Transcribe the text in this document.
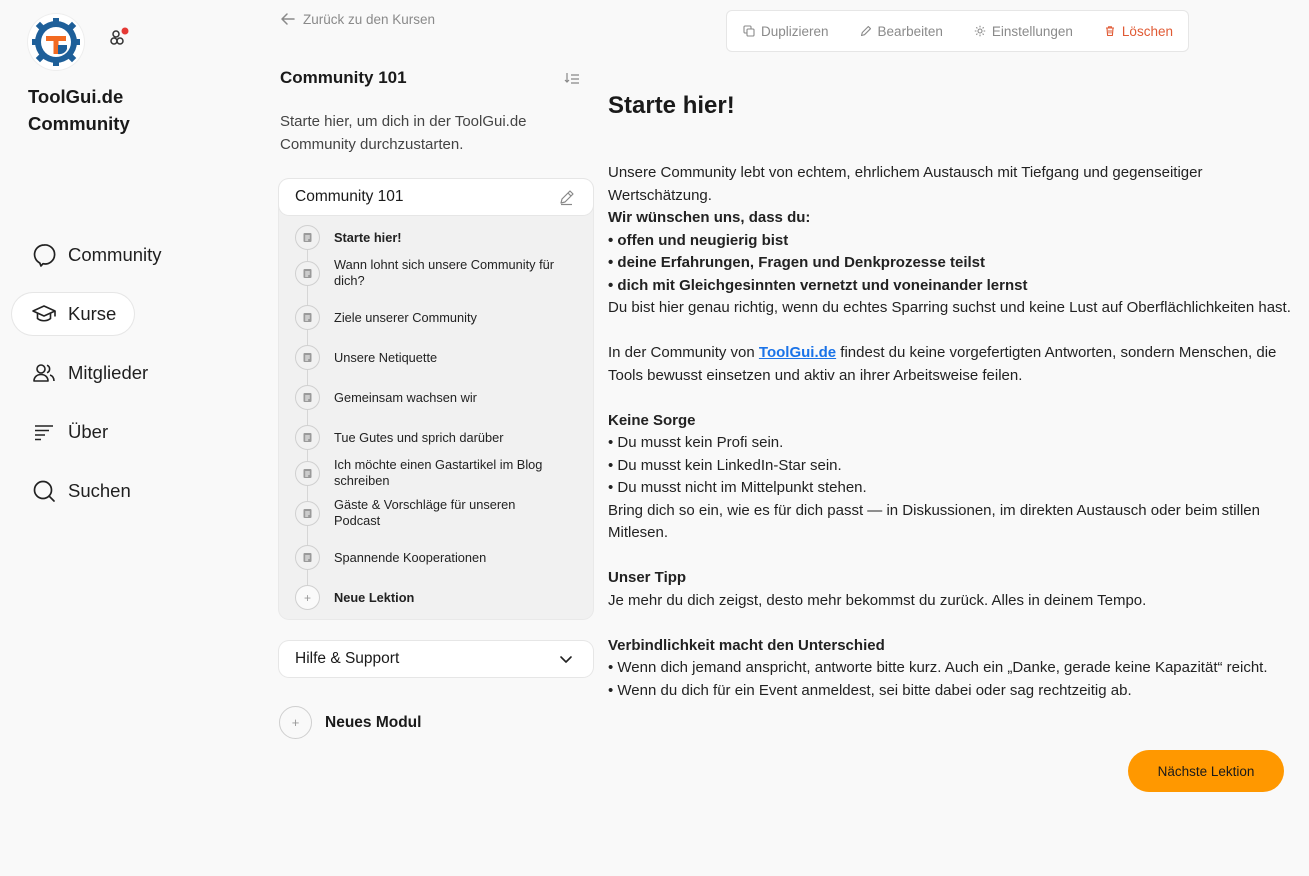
ToolGui.de Community
Community
Kurse
Mitglieder
Über
Suchen
Zurück zu den Kursen
Community 101
Starte hier, um dich in der ToolGui.de Community durchzustarten.
Community 101
Starte hier!
Wann lohnt sich unsere Community für dich?
Ziele unserer Community
Unsere Netiquette
Gemeinsam wachsen wir
Tue Gutes und sprich darüber
Ich möchte einen Gastartikel im Blog schreiben
Gäste & Vorschläge für unseren Podcast
Spannende Kooperationen
+ Neue Lektion
Hilfe & Support
+	Neues Modul
Duplizieren	Bearbeiten	Einstellungen	Löschen
Starte hier!

Unsere Community lebt von echtem, ehrlichem Austausch mit Tiefgang und gegenseitiger Wertschätzung.

Wir wünschen uns, dass du:

• offen und neugierig bist

• deine Erfahrungen, Fragen und Denkprozesse teilst

• dich mit Gleichgesinnten vernetzt und voneinander lernst

Du bist hier genau richtig, wenn du echtes Sparring suchst und keine Lust auf Oberflächlichkeiten hast.

In der Community von ToolGui.de findest du keine vorgefertigten Antworten, sondern Menschen, die Tools bewusst einsetzen und aktiv an ihrer Arbeitsweise feilen.

Keine Sorge

• Du musst kein Profi sein.

• Du musst kein LinkedIn-Star sein.

• Du musst nicht im Mittelpunkt stehen.

Bring dich so ein, wie es für dich passt — in Diskussionen, im direkten Austausch oder beim stillen Mitlesen.

Unser Tipp

Je mehr du dich zeigst, desto mehr bekommst du zurück. Alles in deinem Tempo.

Verbindlichkeit macht den Unterschied

• Wenn dich jemand anspricht, antworte bitte kurz. Auch ein „Danke, gerade keine Kapazität“ reicht.

• Wenn du dich für ein Event anmeldest, sei bitte dabei oder sag rechtzeitig ab.

Nächste Lektion
